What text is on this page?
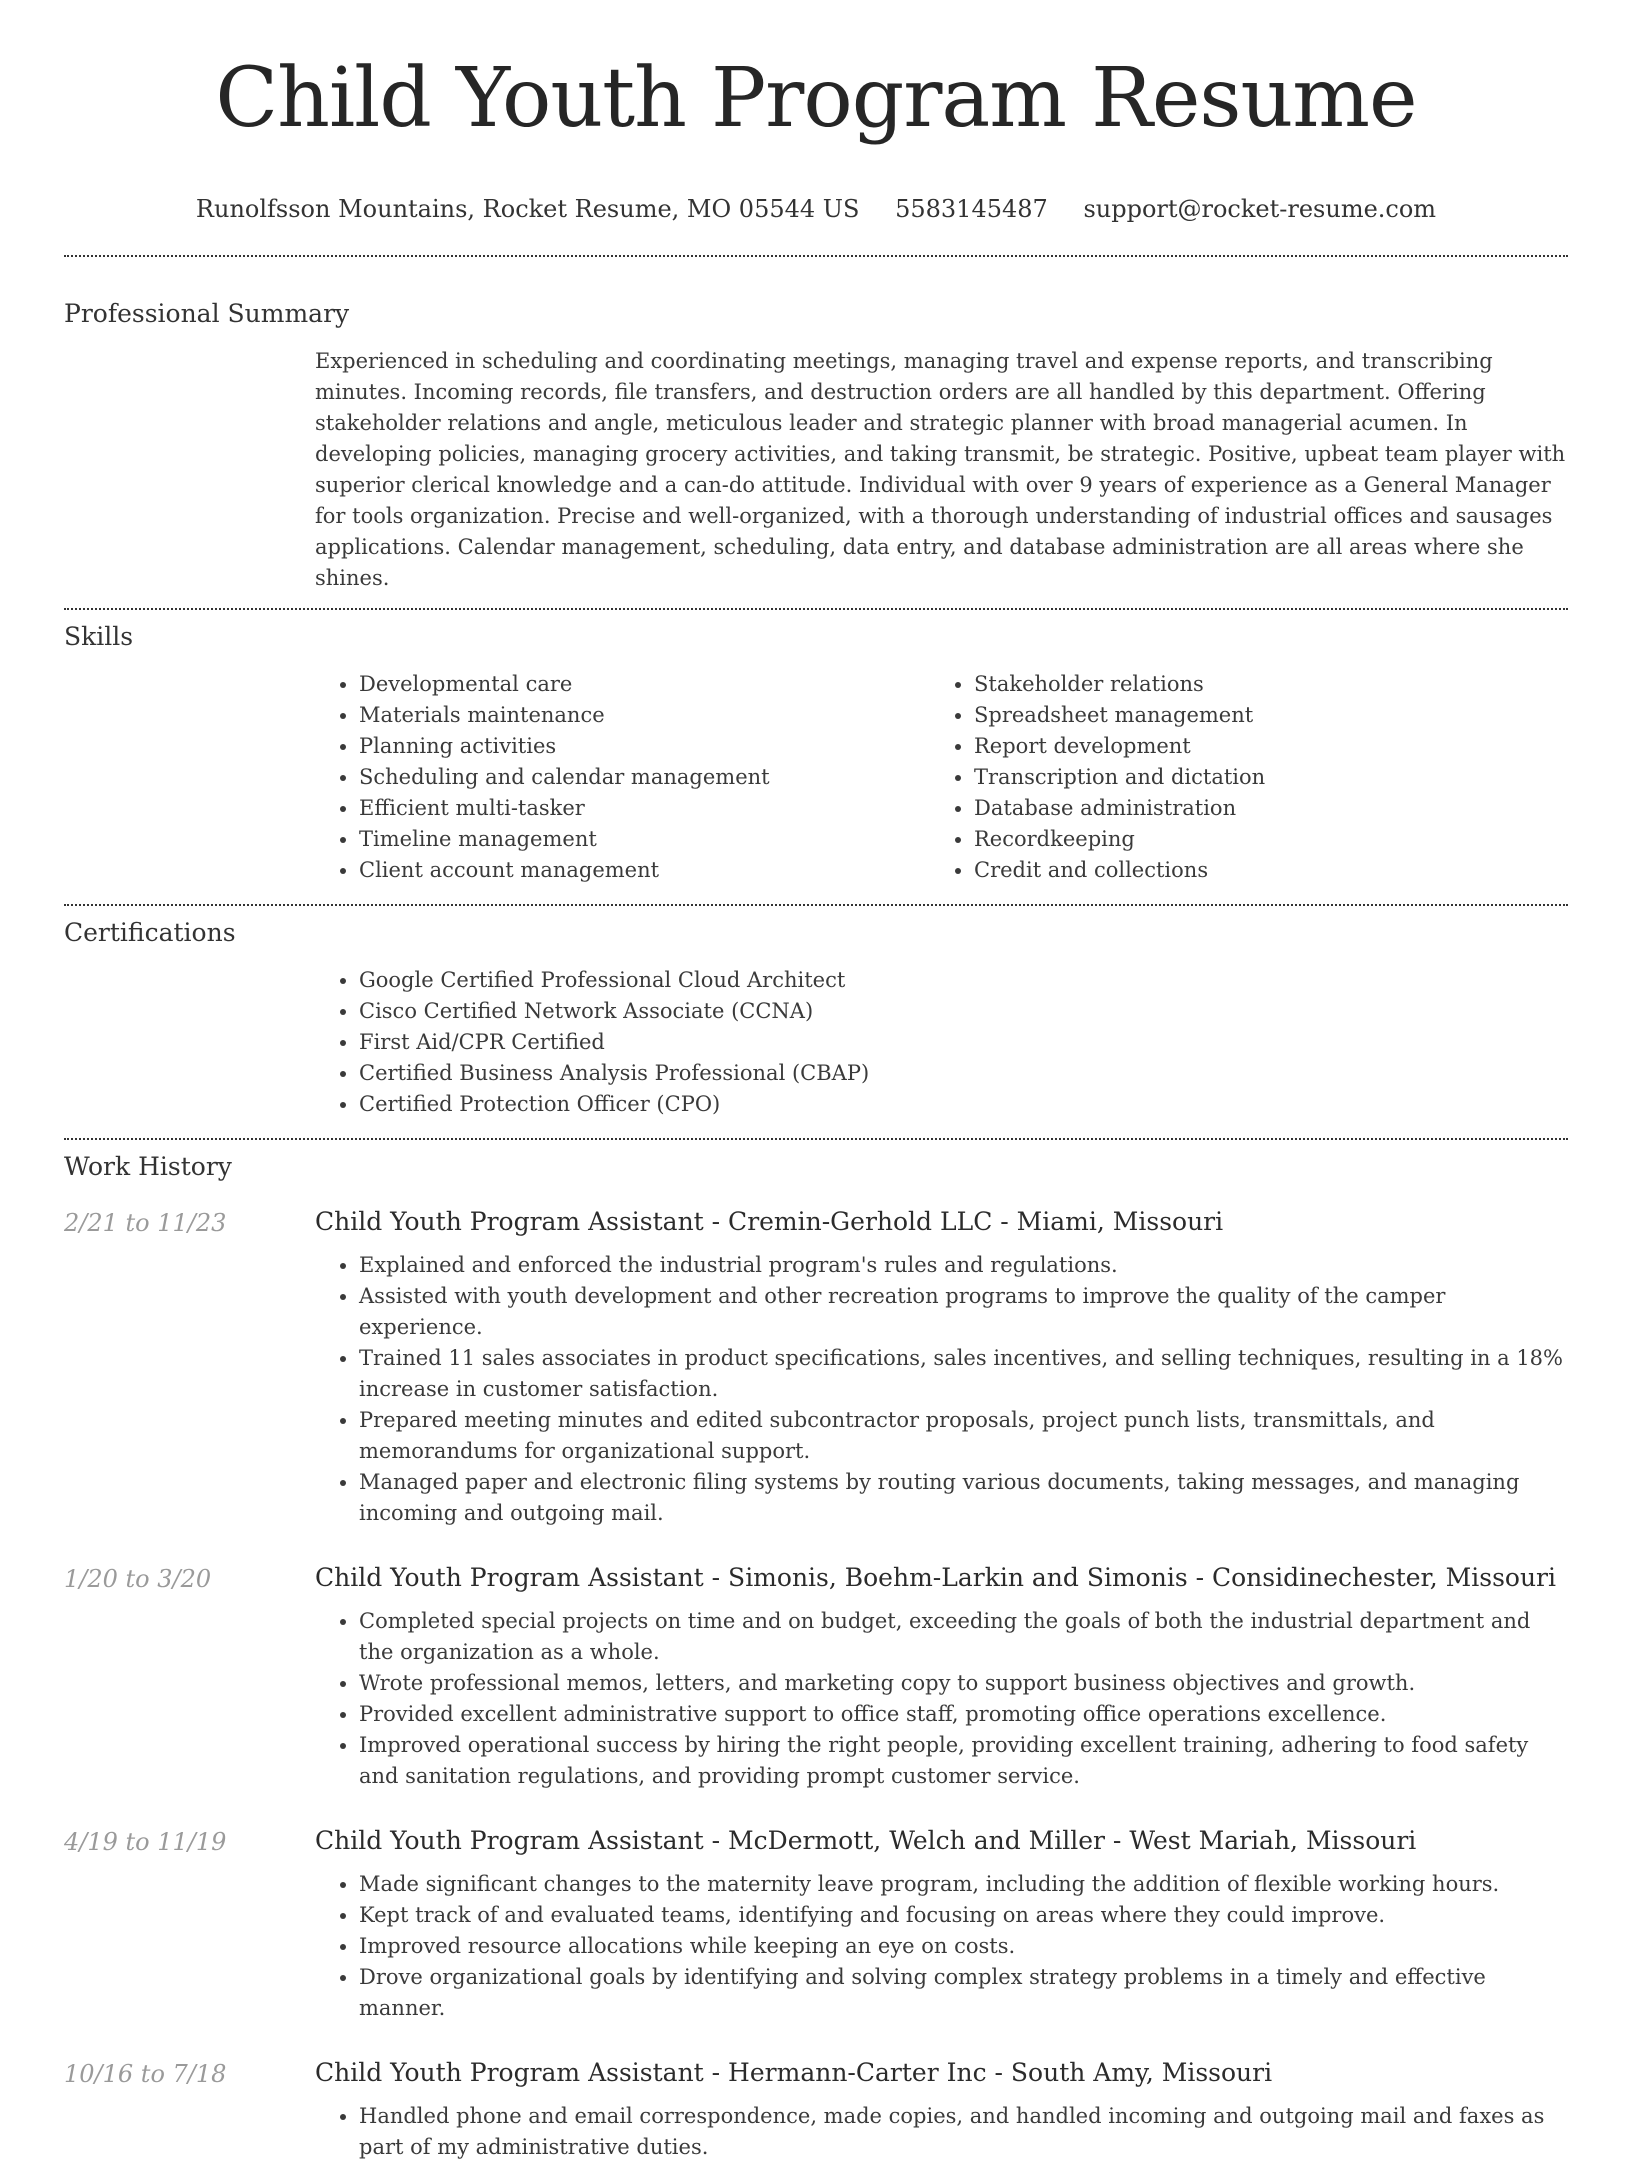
Child Youth Program Resume
Runolfsson Mountains, Rocket Resume, MO 05544 US 5583145487 support@rocket-resume.com
Professional Summary
Experienced in scheduling and coordinating meetings, managing travel and expense reports, and transcribing minutes. Incoming records, file transfers, and destruction orders are all handled by this department. Offering stakeholder relations and angle, meticulous leader and strategic planner with broad managerial acumen. In developing policies, managing grocery activities, and taking transmit, be strategic. Positive, upbeat team player with superior clerical knowledge and a can-do attitude. Individual with over 9 years of experience as a General Manager for tools organization. Precise and well-organized, with a thorough understanding of industrial offices and sausages applications. Calendar management, scheduling, data entry, and database administration are all areas where she shines.
Skills
• Developmental care
• Materials maintenance
• Planning activities
• Scheduling and calendar management
• Efficient multi-tasker
• Timeline management
• Client account management
• Stakeholder relations
• Spreadsheet management
• Report development
• Transcription and dictation
• Database administration
• Recordkeeping
• Credit and collections
Certifications
• Google Certified Professional Cloud Architect
• Cisco Certified Network Associate (CCNA)
• First Aid/CPR Certified
• Certified Business Analysis Professional (CBAP)
• Certified Protection Officer (CPO)
Work History
2/21 to 11/23	Child Youth Program Assistant - Cremin-Gerhold LLC - Miami, Missouri
• Explained and enforced the industrial program's rules and regulations.
• Assisted with youth development and other recreation programs to improve the quality of the camper experience.
• Trained 11 sales associates in product specifications, sales incentives, and selling techniques, resulting in a 18% increase in customer satisfaction.
• Prepared meeting minutes and edited subcontractor proposals, project punch lists, transmittals, and memorandums for organizational support.
• Managed paper and electronic filing systems by routing various documents, taking messages, and managing incoming and outgoing mail.
1/20 to 3/20	Child Youth Program Assistant - Simonis, Boehm-Larkin and Simonis - Considinechester, Missouri
• Completed special projects on time and on budget, exceeding the goals of both the industrial department and the organization as a whole.
• Wrote professional memos, letters, and marketing copy to support business objectives and growth.
• Provided excellent administrative support to office staff, promoting office operations excellence.
• Improved operational success by hiring the right people, providing excellent training, adhering to food safety and sanitation regulations, and providing prompt customer service.
4/19 to 11/19	Child Youth Program Assistant - McDermott, Welch and Miller - West Mariah, Missouri
• Made significant changes to the maternity leave program, including the addition of flexible working hours.
• Kept track of and evaluated teams, identifying and focusing on areas where they could improve.
• Improved resource allocations while keeping an eye on costs.
• Drove organizational goals by identifying and solving complex strategy problems in a timely and effective manner.
10/16 to 7/18	Child Youth Program Assistant - Hermann-Carter Inc - South Amy, Missouri
• Handled phone and email correspondence, made copies, and handled incoming and outgoing mail and faxes as part of my administrative duties.
